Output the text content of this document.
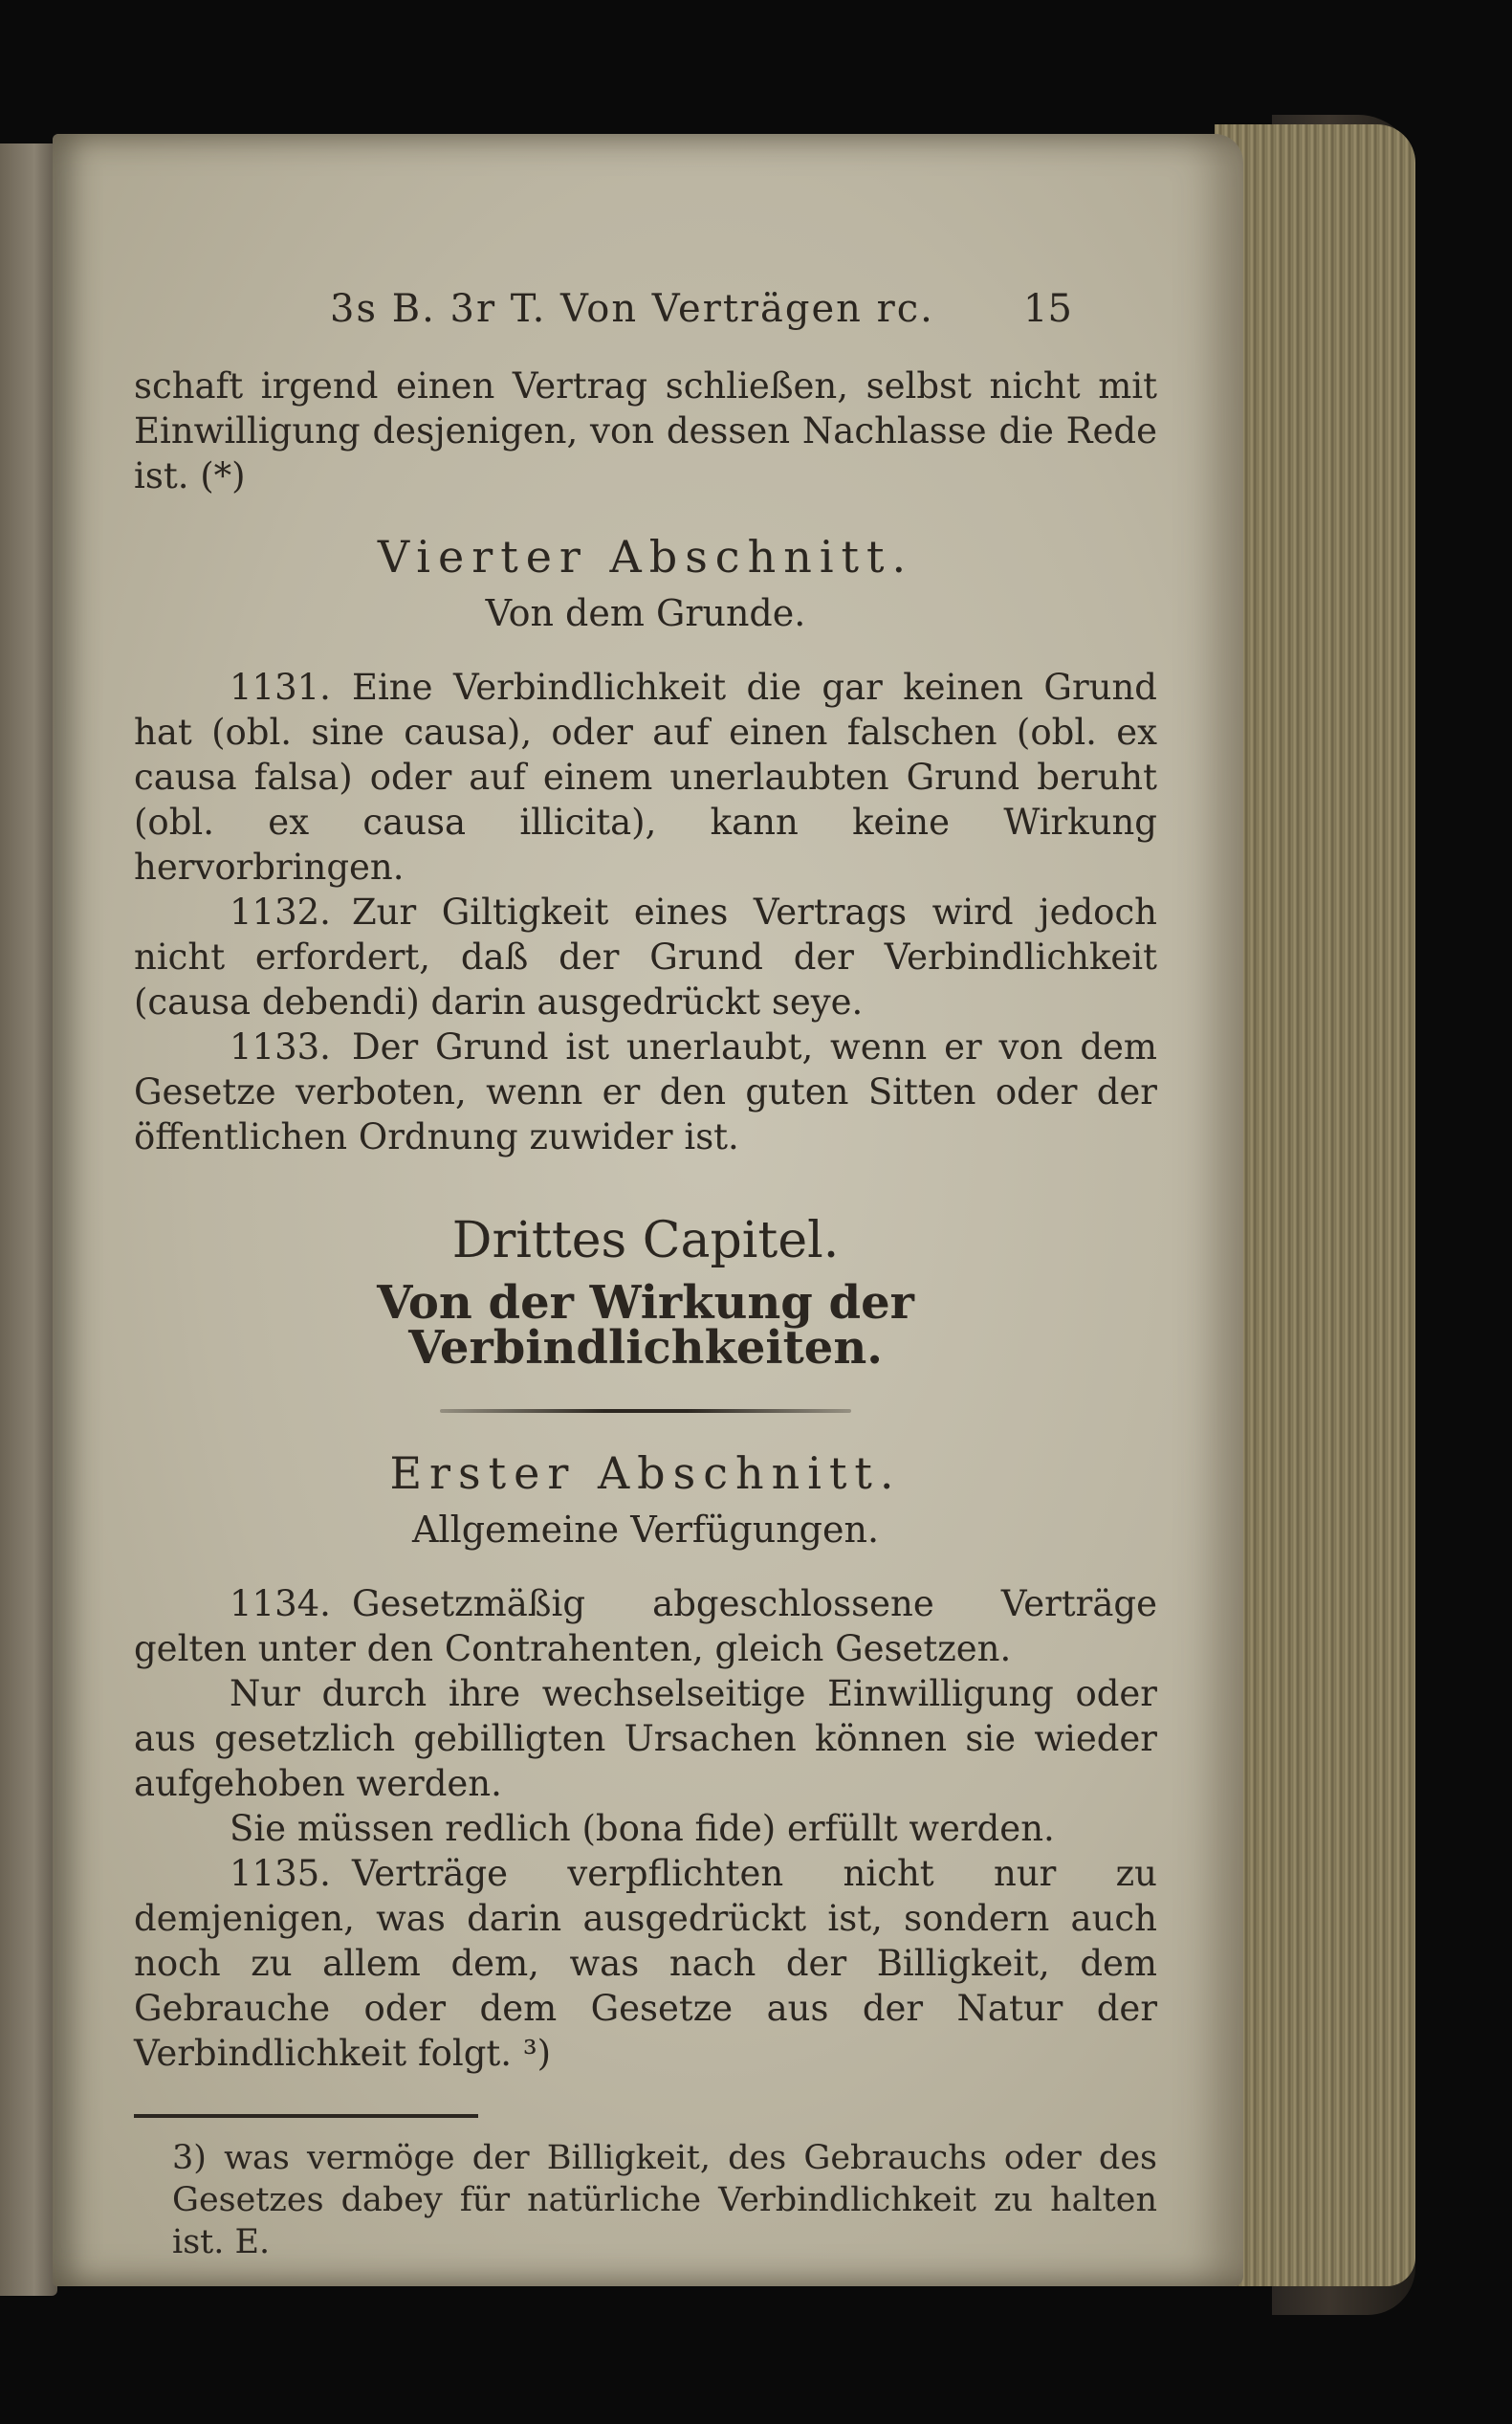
3s B. 3r T. Von Verträgen rc. 15

schaft irgend einen Vertrag schließen, selbst nicht mit Einwilligung desjenigen, von dessen Nachlasse die Rede ist. (*)

Vierter Abschnitt.
Von dem Grunde.

1131. Eine Verbindlichkeit die gar keinen Grund hat (obl. sine causa), oder auf einen falschen (obl. ex causa falsa) oder auf einem unerlaubten Grund beruht (obl. ex causa illicita), kann keine Wirkung hervorbringen.

1132. Zur Giltigkeit eines Vertrags wird jedoch nicht erfordert, daß der Grund der Verbindlichkeit (causa debendi) darin ausgedrückt seye.

1133. Der Grund ist unerlaubt, wenn er von dem Gesetze verboten, wenn er den guten Sitten oder der öffentlichen Ordnung zuwider ist.

Drittes Capitel.
Von der Wirkung der Verbindlichkeiten.
Erster Abschnitt.
Allgemeine Verfügungen.

1134. Gesetzmäßig abgeschlossene Verträge gelten unter den Contrahenten, gleich Gesetzen.

Nur durch ihre wechselseitige Einwilligung oder aus gesetzlich gebilligten Ursachen können sie wieder aufgehoben werden.

Sie müssen redlich (bona fide) erfüllt werden.

1135. Verträge verpflichten nicht nur zu demjenigen, was darin ausgedrückt ist, sondern auch noch zu allem dem, was nach der Billigkeit, dem Gebrauche oder dem Gesetze aus der Natur der Verbindlichkeit folgt. ³)

3) was vermöge der Billigkeit, des Gebrauchs oder des Gesetzes dabey für natürliche Verbindlichkeit zu halten ist. E.
